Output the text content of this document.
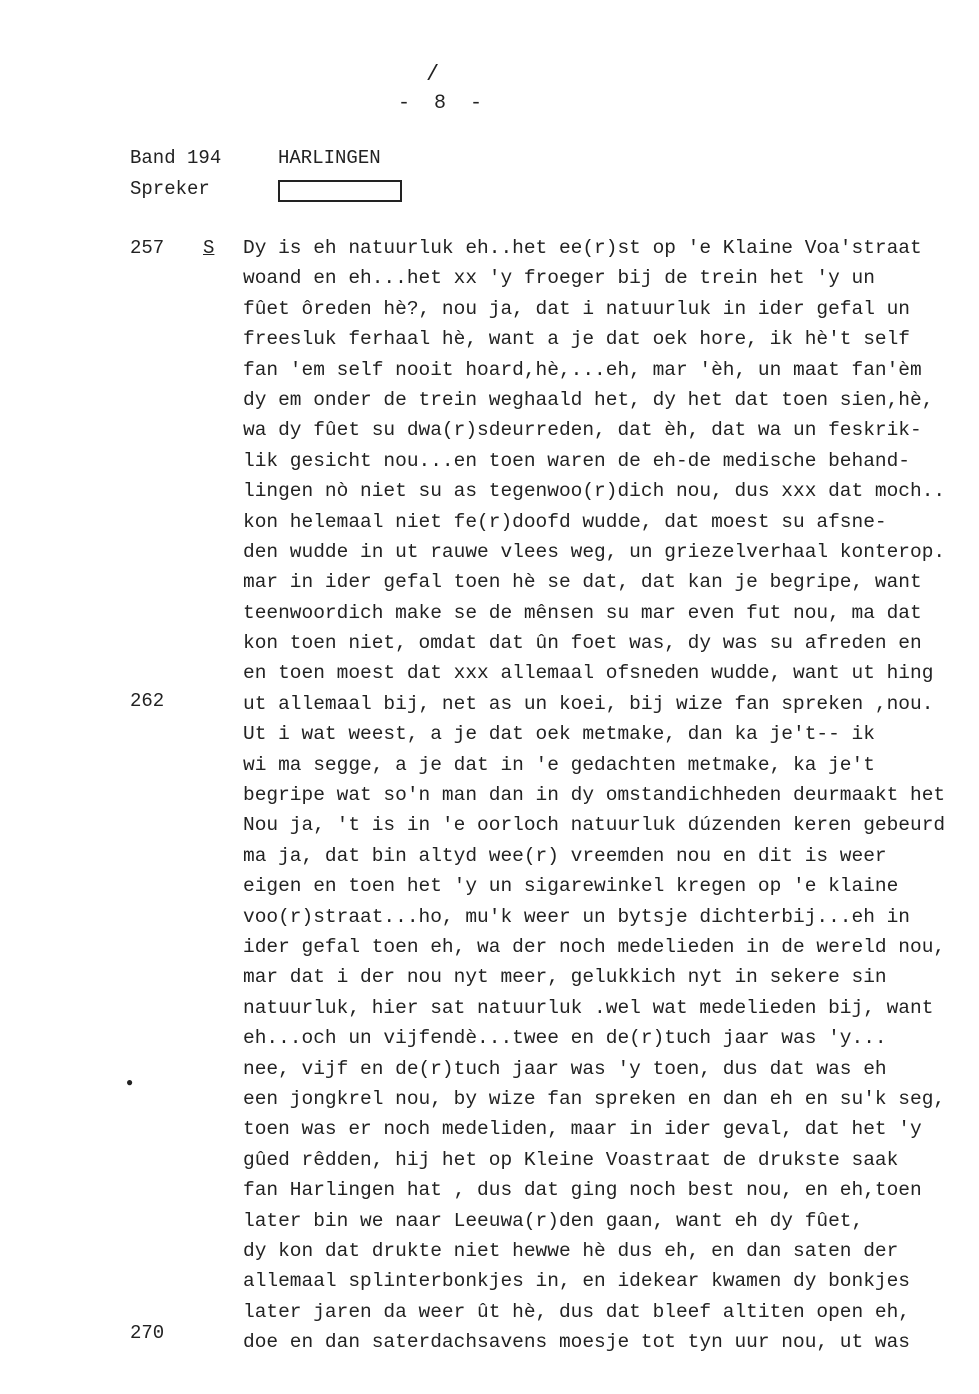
/
- 8 -
Band 194	HARLINGEN
Spreker
257 S
262
270
●
Dy is eh natuurluk eh..het ee(r)st op 'e Klaine Voa'straat
woand en eh...het xx 'y froeger bij de trein het 'y un
fûet ôreden hè?, nou ja, dat i natuurluk in ider gefal un
freesluk ferhaal hè, want a je dat oek hore, ik hè't self
fan 'em self nooit hoard,hè,...eh, mar 'èh, un maat fan'èm
dy em onder de trein weghaald het, dy het dat toen sien,hè,
wa dy fûet su dwa(r)sdeurreden, dat èh, dat wa un feskrik-
lik gesicht nou...en toen waren de eh-de medische behand-
lingen nò niet su as tegenwoo(r)dich nou, dus xxx dat moch..
kon helemaal niet fe(r)doofd wudde, dat moest su afsne-
den wudde in ut rauwe vlees weg, un griezelverhaal konterop.
mar in ider gefal toen hè se dat, dat kan je begripe, want
teenwoordich make se de mênsen su mar even fut nou, ma dat
kon toen niet, omdat dat ûn foet was, dy was su afreden en
en toen moest dat xxx allemaal ofsneden wudde, want ut hing
ut allemaal bij, net as un koei, bij wize fan spreken ,nou.
Ut i wat weest, a je dat oek metmake, dan ka je't-- ik
wi ma segge, a je dat in 'e gedachten metmake, ka je't
begripe wat so'n man dan in dy omstandichheden deurmaakt het
Nou ja, 't is in 'e oorloch natuurluk dúzenden keren gebeurd
ma ja, dat bin altyd wee(r) vreemden nou en dit is weer
eigen en toen het 'y un sigarewinkel kregen op 'e klaine
voo(r)straat...ho, mu'k weer un bytsje dichterbij...eh in
ider gefal toen eh, wa der noch medelieden in de wereld nou,
mar dat i der nou nyt meer, gelukkich nyt in sekere sin
natuurluk, hier sat natuurluk .wel wat medelieden bij, want
eh...och un vijfendè...twee en de(r)tuch jaar was 'y...
nee, vijf en de(r)tuch jaar was 'y toen, dus dat was eh
een jongkrel nou, by wize fan spreken en dan eh en su'k seg,
toen was er noch medeliden, maar in ider geval, dat het 'y
gûed rêdden, hij het op Kleine Voastraat de drukste saak
fan Harlingen hat , dus dat ging noch best nou, en eh,toen
later bin we naar Leeuwa(r)den gaan, want eh dy fûet,
dy kon dat drukte niet hewwe hè dus eh, en dan saten der
allemaal splinterbonkjes in, en idekear kwamen dy bonkjes
later jaren da weer ût hè, dus dat bleef altiten open eh,
doe en dan saterdachsavens moesje tot tyn uur nou, ut was
